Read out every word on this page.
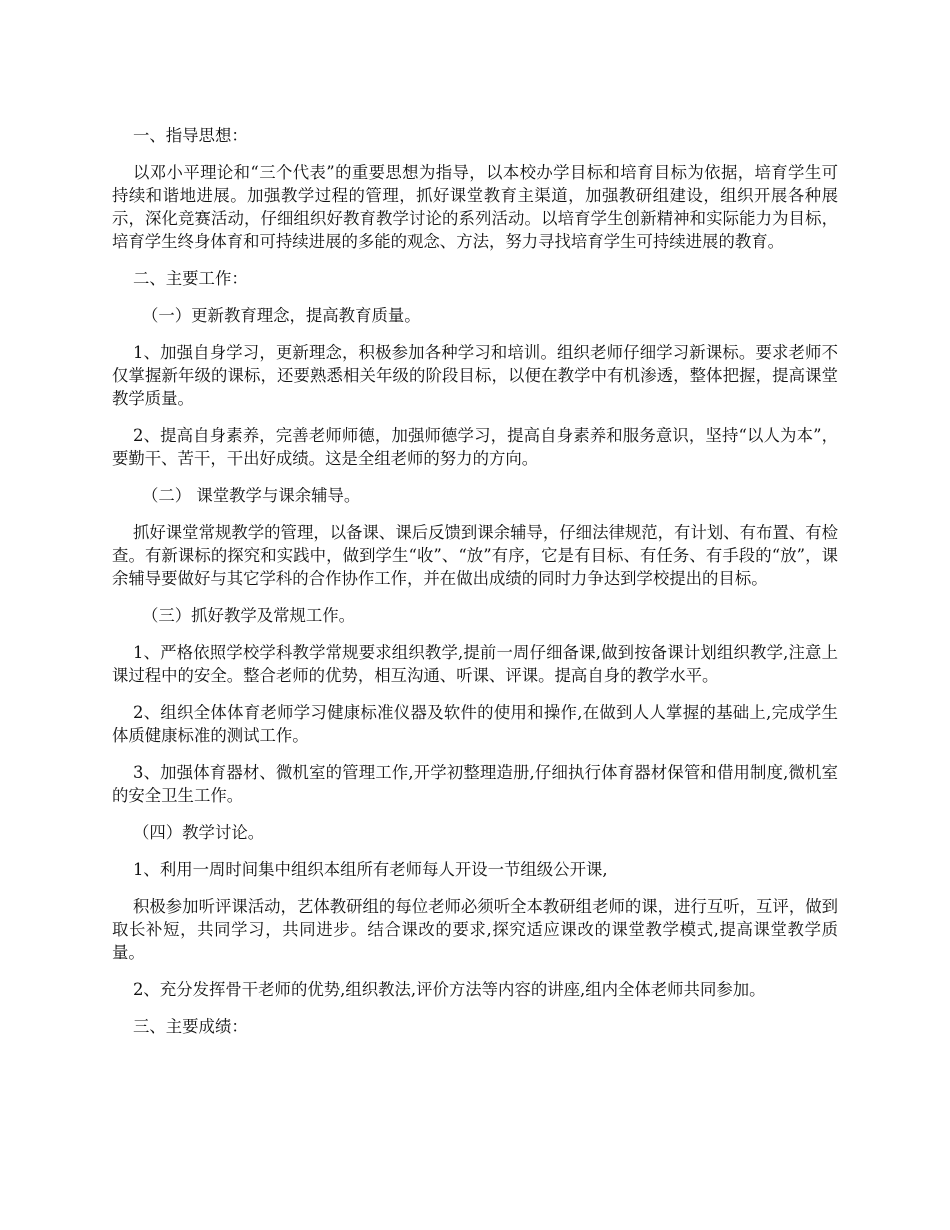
一、指导思想：
以邓小平理论和“三个代表”的重要思想为指导，以本校办学目标和培育目标为依据，培育学生可持续和谐地进展。加强教学过程的管理，抓好课堂教育主渠道，加强教研组建设，组织开展各种展示，深化竞赛活动，仔细组织好教育教学讨论的系列活动。以培育学生创新精神和实际能力为目标，培育学生终身体育和可持续进展的多能的观念、方法，努力寻找培育学生可持续进展的教育。
二、主要工作：
（一）更新教育理念，提高教育质量。
1、加强自身学习，更新理念，积极参加各种学习和培训。组织老师仔细学习新课标。要求老师不仅掌握新年级的课标，还要熟悉相关年级的阶段目标，以便在教学中有机渗透，整体把握，提高课堂教学质量。
2、提高自身素养，完善老师师德，加强师德学习，提高自身素养和服务意识，坚持“以人为本”，要勤干、苦干，干出好成绩。这是全组老师的努力的方向。
（二） 课堂教学与课余辅导。
抓好课堂常规教学的管理，以备课、课后反馈到课余辅导，仔细法律规范，有计划、有布置、有检查。有新课标的探究和实践中，做到学生“收”、“放”有序，它是有目标、有任务、有手段的“放”，课余辅导要做好与其它学科的合作协作工作，并在做出成绩的同时力争达到学校提出的目标。
（三）抓好教学及常规工作。
1、严格依照学校学科教学常规要求组织教学,提前一周仔细备课,做到按备课计划组织教学,注意上课过程中的安全。整合老师的优势，相互沟通、听课、评课。提高自身的教学水平。
2、组织全体体育老师学习健康标准仪器及软件的使用和操作,在做到人人掌握的基础上,完成学生体质健康标准的测试工作。
3、加强体育器材、微机室的管理工作,开学初整理造册,仔细执行体育器材保管和借用制度,微机室的安全卫生工作。
（四）教学讨论。
1、利用一周时间集中组织本组所有老师每人开设一节组级公开课,
积极参加听评课活动，艺体教研组的每位老师必须听全本教研组老师的课，进行互听，互评，做到取长补短，共同学习，共同进步。结合课改的要求,探究适应课改的课堂教学模式,提高课堂教学质量。
2、充分发挥骨干老师的优势,组织教法,评价方法等内容的讲座,组内全体老师共同参加。
三、主要成绩：
